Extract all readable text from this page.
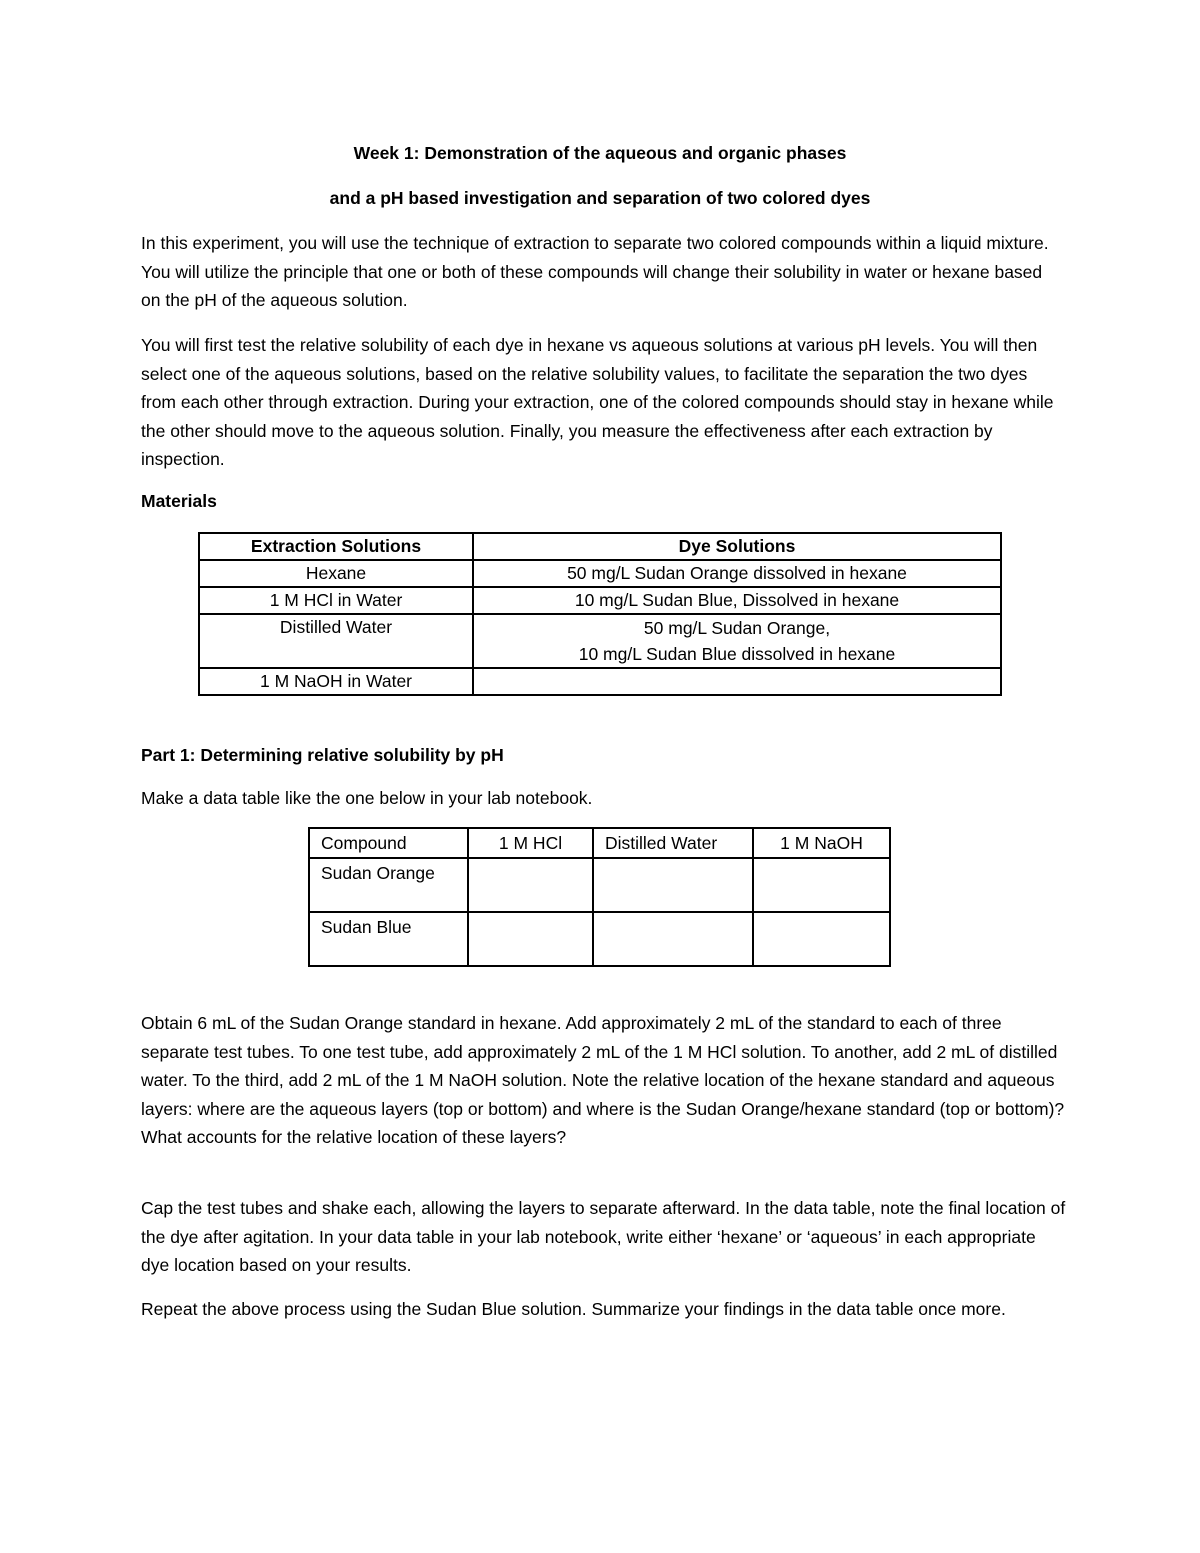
Week 1: Demonstration of the aqueous and organic phases
and a pH based investigation and separation of two colored dyes
In this experiment, you will use the technique of extraction to separate two colored compounds within a liquid mixture. You will utilize the principle that one or both of these compounds will change their solubility in water or hexane based on the pH of the aqueous solution.
You will first test the relative solubility of each dye in hexane vs aqueous solutions at various pH levels. You will then select one of the aqueous solutions, based on the relative solubility values, to facilitate the separation the two dyes from each other through extraction. During your extraction, one of the colored compounds should stay in hexane while the other should move to the aqueous solution. Finally, you measure the effectiveness after each extraction by inspection.
Materials
Extraction Solutions	Dye Solutions
Hexane	50 mg/L Sudan Orange dissolved in hexane
1 M HCl in Water	10 mg/L Sudan Blue, Dissolved in hexane
Distilled Water	50 mg/L Sudan Orange,
10 mg/L Sudan Blue dissolved in hexane

1 M NaOH in Water	
Part 1: Determining relative solubility by pH
Make a data table like the one below in your lab notebook.
Compound	1 M HCl	Distilled Water	1 M NaOH
Sudan Orange			
Sudan Blue			
Obtain 6 mL of the Sudan Orange standard in hexane. Add approximately 2 mL of the standard to each of three separate test tubes. To one test tube, add approximately 2 mL of the 1 M HCl solution. To another, add 2 mL of distilled water. To the third, add 2 mL of the 1 M NaOH solution. Note the relative location of the hexane standard and aqueous layers: where are the aqueous layers (top or bottom) and where is the Sudan Orange/hexane standard (top or bottom)? What accounts for the relative location of these layers?
Cap the test tubes and shake each, allowing the layers to separate afterward. In the data table, note the final location of the dye after agitation. In your data table in your lab notebook, write either ‘hexane’ or ‘aqueous’ in each appropriate dye location based on your results.
Repeat the above process using the Sudan Blue solution. Summarize your findings in the data table once more.
